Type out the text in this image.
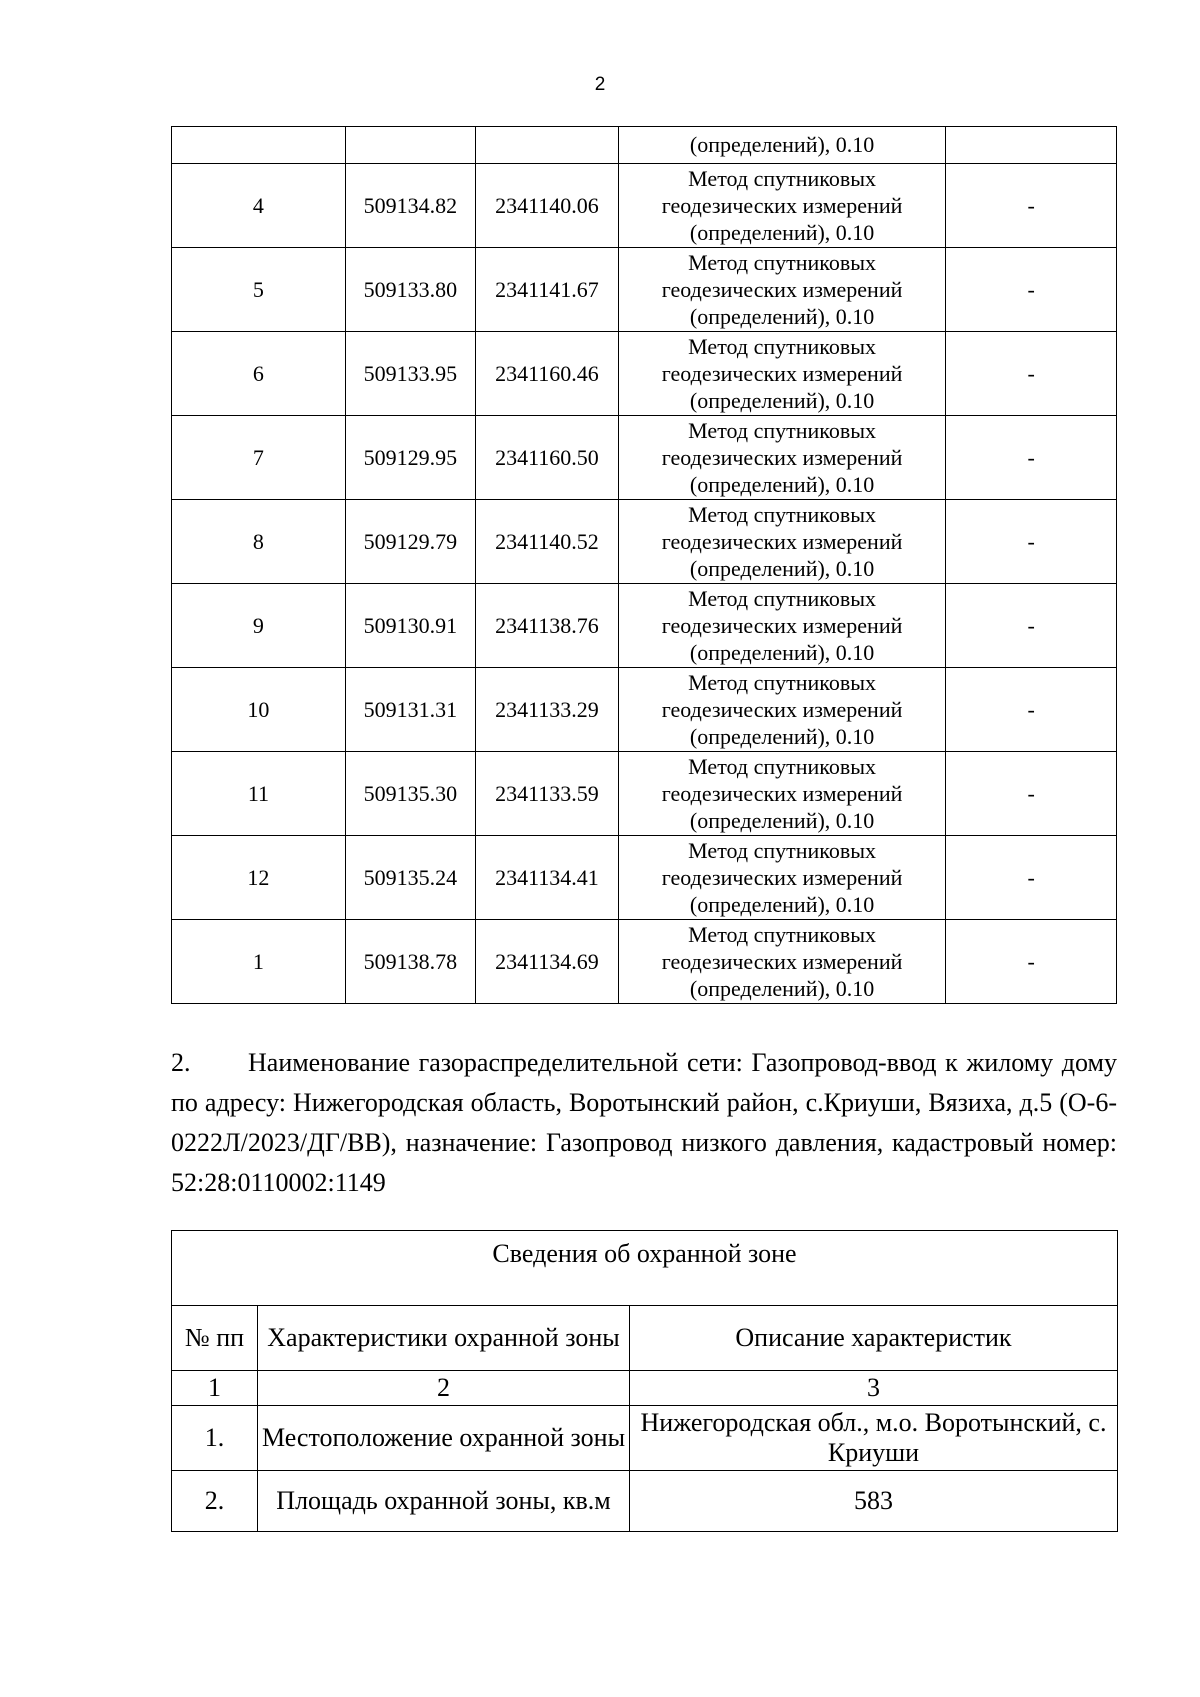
2
			(определений), 0.10	
4	509134.82	2341140.06	Метод спутниковых
геодезических измерений
(определений), 0.10	-
5	509133.80	2341141.67	Метод спутниковых
геодезических измерений
(определений), 0.10	-
6	509133.95	2341160.46	Метод спутниковых
геодезических измерений
(определений), 0.10	-
7	509129.95	2341160.50	Метод спутниковых
геодезических измерений
(определений), 0.10	-
8	509129.79	2341140.52	Метод спутниковых
геодезических измерений
(определений), 0.10	-
9	509130.91	2341138.76	Метод спутниковых
геодезических измерений
(определений), 0.10	-
10	509131.31	2341133.29	Метод спутниковых
геодезических измерений
(определений), 0.10	-
11	509135.30	2341133.59	Метод спутниковых
геодезических измерений
(определений), 0.10	-
12	509135.24	2341134.41	Метод спутниковых
геодезических измерений
(определений), 0.10	-
1	509138.78	2341134.69	Метод спутниковых
геодезических измерений
(определений), 0.10	-
2. Наименование газораспределительной сети: Газопровод-ввод к жилому дому по адресу: Нижегородская область, Воротынский район, с.Криуши, Вязиха, д.5 (О-6-0222Л/2023/ДГ/ВВ), назначение: Газопровод низкого давления, кадастровый номер: 52:28:0110002:1149
Сведения об охранной зоне		
№ пп	Характеристики охранной зоны	Описание характеристик
1	2	3
1.	Местоположение охранной зоны	Нижегородская обл., м.о. Воротынский, с. Криуши
2.	Площадь охранной зоны, кв.м	583
